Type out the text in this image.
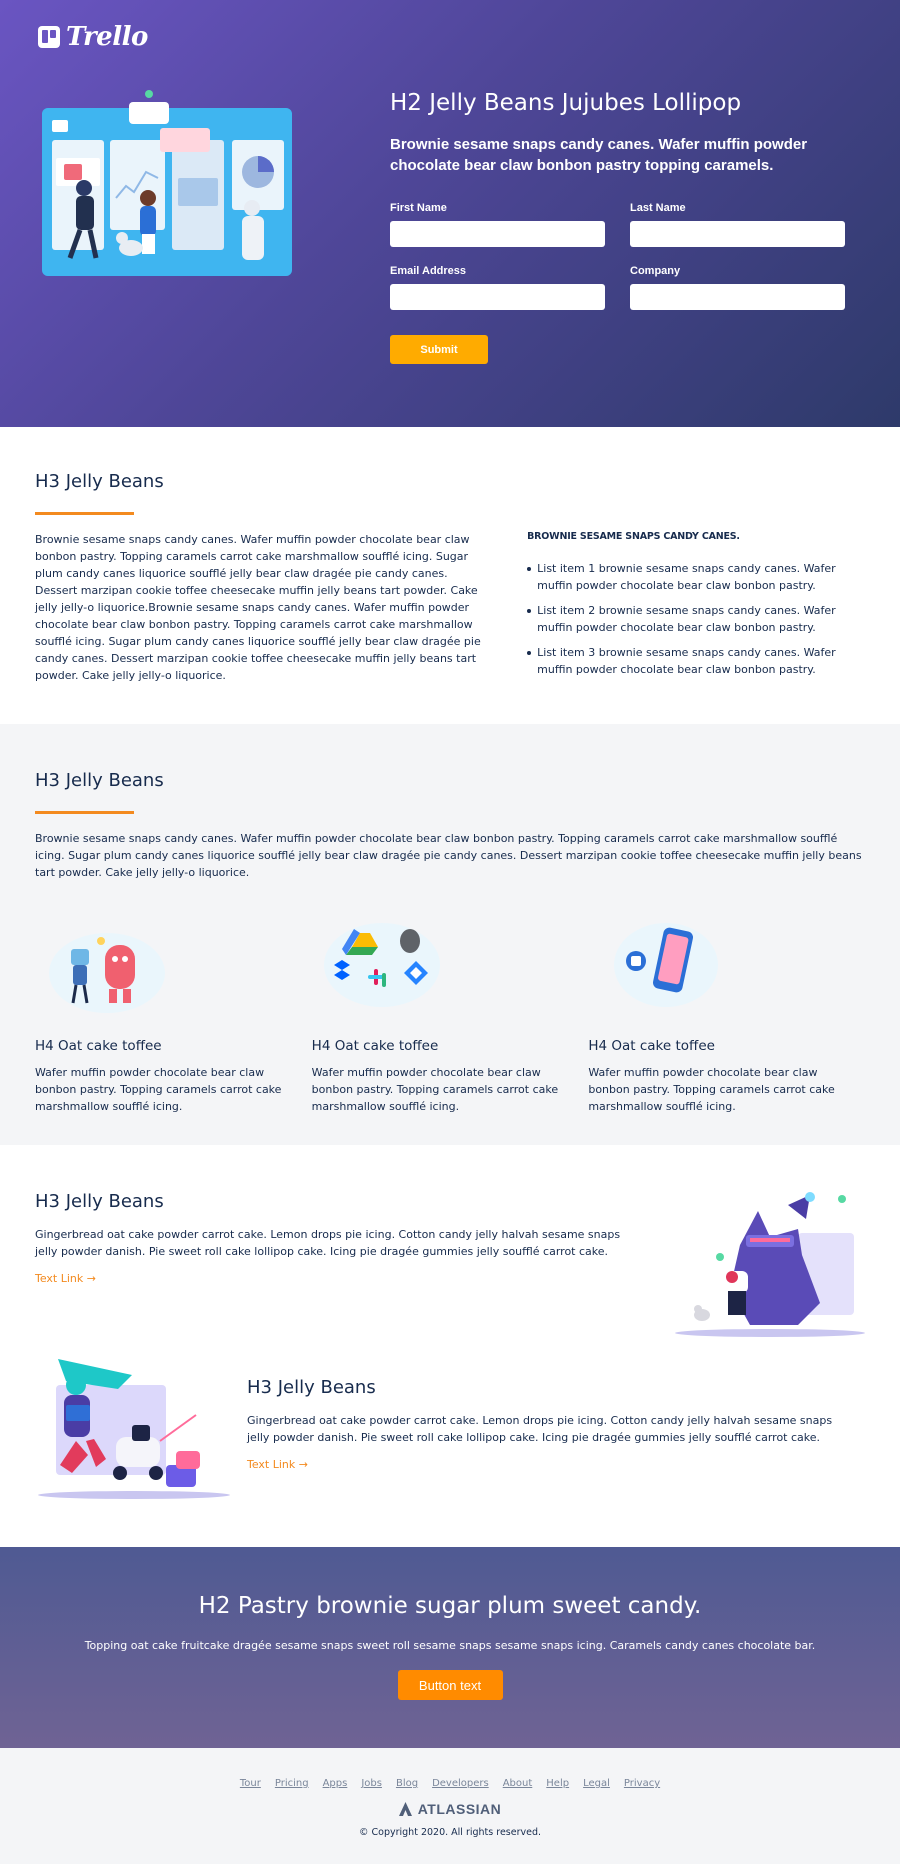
Trello
H2 Jelly Beans Jujubes Lollipop

Brownie sesame snaps candy canes. Wafer muffin powder chocolate bear claw bonbon pastry topping caramels.

First Name	Last Name
Email Address	Company
Submit
H3 Jelly Beans

Brownie sesame snaps candy canes. Wafer muffin powder chocolate bear claw bonbon pastry. Topping caramels carrot cake marshmallow soufflé icing. Sugar plum candy canes liquorice soufflé jelly bear claw dragée pie candy canes. Dessert marzipan cookie toffee cheesecake muffin jelly beans tart powder. Cake jelly jelly-o liquorice.Brownie sesame snaps candy canes. Wafer muffin powder chocolate bear claw bonbon pastry. Topping caramels carrot cake marshmallow soufflé icing. Sugar plum candy canes liquorice soufflé jelly bear claw dragée pie candy canes. Dessert marzipan cookie toffee cheesecake muffin jelly beans tart powder. Cake jelly jelly-o liquorice.

BROWNIE SESAME SNAPS CANDY CANES.
List item 1 brownie sesame snaps candy canes. Wafer muffin powder chocolate bear claw bonbon pastry.
List item 2 brownie sesame snaps candy canes. Wafer muffin powder chocolate bear claw bonbon pastry.
List item 3 brownie sesame snaps candy canes. Wafer muffin powder chocolate bear claw bonbon pastry.
H3 Jelly Beans

Brownie sesame snaps candy canes. Wafer muffin powder chocolate bear claw bonbon pastry. Topping caramels carrot cake marshmallow soufflé icing. Sugar plum candy canes liquorice soufflé jelly bear claw dragée pie candy canes. Dessert marzipan cookie toffee cheesecake muffin jelly beans tart powder. Cake jelly jelly-o liquorice.

H4 Oat cake toffee

Wafer muffin powder chocolate bear claw bonbon pastry. Topping caramels carrot cake marshmallow soufflé icing.

H4 Oat cake toffee

Wafer muffin powder chocolate bear claw bonbon pastry. Topping caramels carrot cake marshmallow soufflé icing.

H4 Oat cake toffee

Wafer muffin powder chocolate bear claw bonbon pastry. Topping caramels carrot cake marshmallow soufflé icing.

H3 Jelly Beans

Gingerbread oat cake powder carrot cake. Lemon drops pie icing. Cotton candy jelly halvah sesame snaps jelly powder danish. Pie sweet roll cake lollipop cake. Icing pie dragée gummies jelly soufflé carrot cake.

Text Link →
H3 Jelly Beans

Gingerbread oat cake powder carrot cake. Lemon drops pie icing. Cotton candy jelly halvah sesame snaps jelly powder danish. Pie sweet roll cake lollipop cake. Icing pie dragée gummies jelly soufflé carrot cake.

Text Link →
H2 Pastry brownie sugar plum sweet candy.

Topping oat cake fruitcake dragée sesame snaps sweet roll sesame snaps sesame snaps icing. Caramels candy canes chocolate bar.

Button text
Tour Pricing Apps Jobs Blog Developers About Help Legal Privacy
ATLASSIAN

© Copyright 2020. All rights reserved.
